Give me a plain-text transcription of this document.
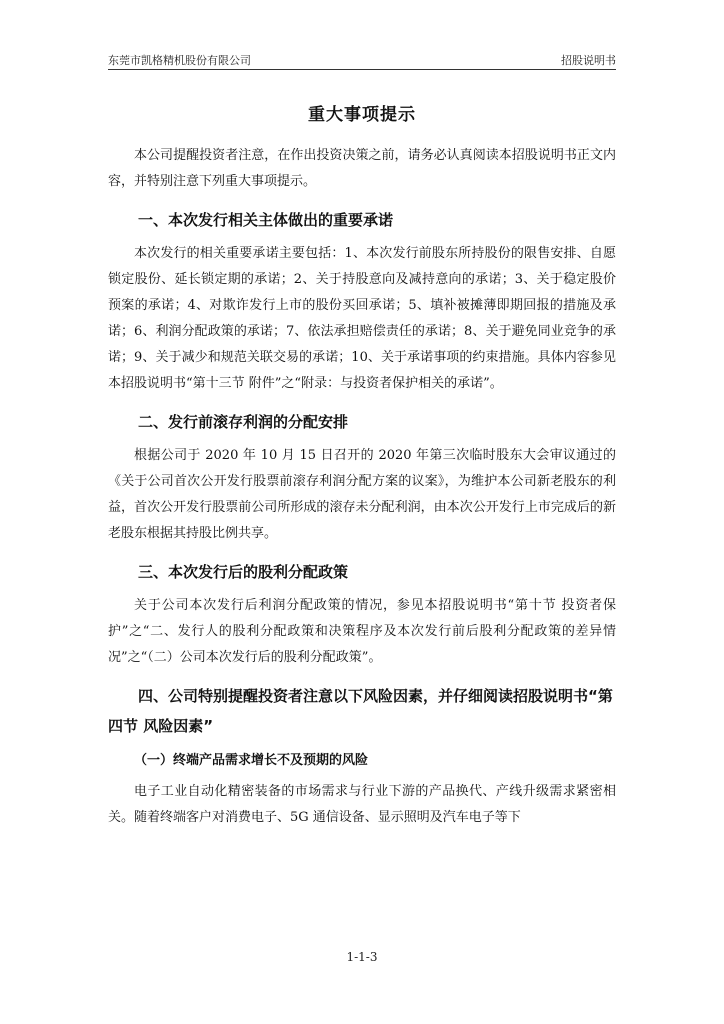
东莞市凯格精机股份有限公司	招股说明书
重大事项提示

本公司提醒投资者注意，在作出投资决策之前，请务必认真阅读本招股说明书正文内容，并特别注意下列重大事项提示。

一、本次发行相关主体做出的重要承诺

本次发行的相关重要承诺主要包括：1、本次发行前股东所持股份的限售安排、自愿锁定股份、延长锁定期的承诺；2、关于持股意向及减持意向的承诺；3、关于稳定股价预案的承诺；4、对欺诈发行上市的股份买回承诺；5、填补被摊薄即期回报的措施及承诺；6、利润分配政策的承诺；7、依法承担赔偿责任的承诺；8、关于避免同业竞争的承诺；9、关于减少和规范关联交易的承诺；10、关于承诺事项的约束措施。具体内容参见本招股说明书“第十三节 附件”之“附录：与投资者保护相关的承诺”。

二、发行前滚存利润的分配安排

根据公司于 2020 年 10 月 15 日召开的 2020 年第三次临时股东大会审议通过的《关于公司首次公开发行股票前滚存利润分配方案的议案》，为维护本公司新老股东的利益，首次公开发行股票前公司所形成的滚存未分配利润，由本次公开发行上市完成后的新老股东根据其持股比例共享。

三、本次发行后的股利分配政策

关于公司本次发行后利润分配政策的情况，参见本招股说明书“第十节 投资者保护”之“二、发行人的股利分配政策和决策程序及本次发行前后股利分配政策的差异情况”之“（二）公司本次发行后的股利分配政策”。

四、公司特别提醒投资者注意以下风险因素，并仔细阅读招股说明书“第四节 风险因素”
（一）终端产品需求增长不及预期的风险

电子工业自动化精密装备的市场需求与行业下游的产品换代、产线升级需求紧密相关。随着终端客户对消费电子、5G 通信设备、显示照明及汽车电子等下

1-1-3
